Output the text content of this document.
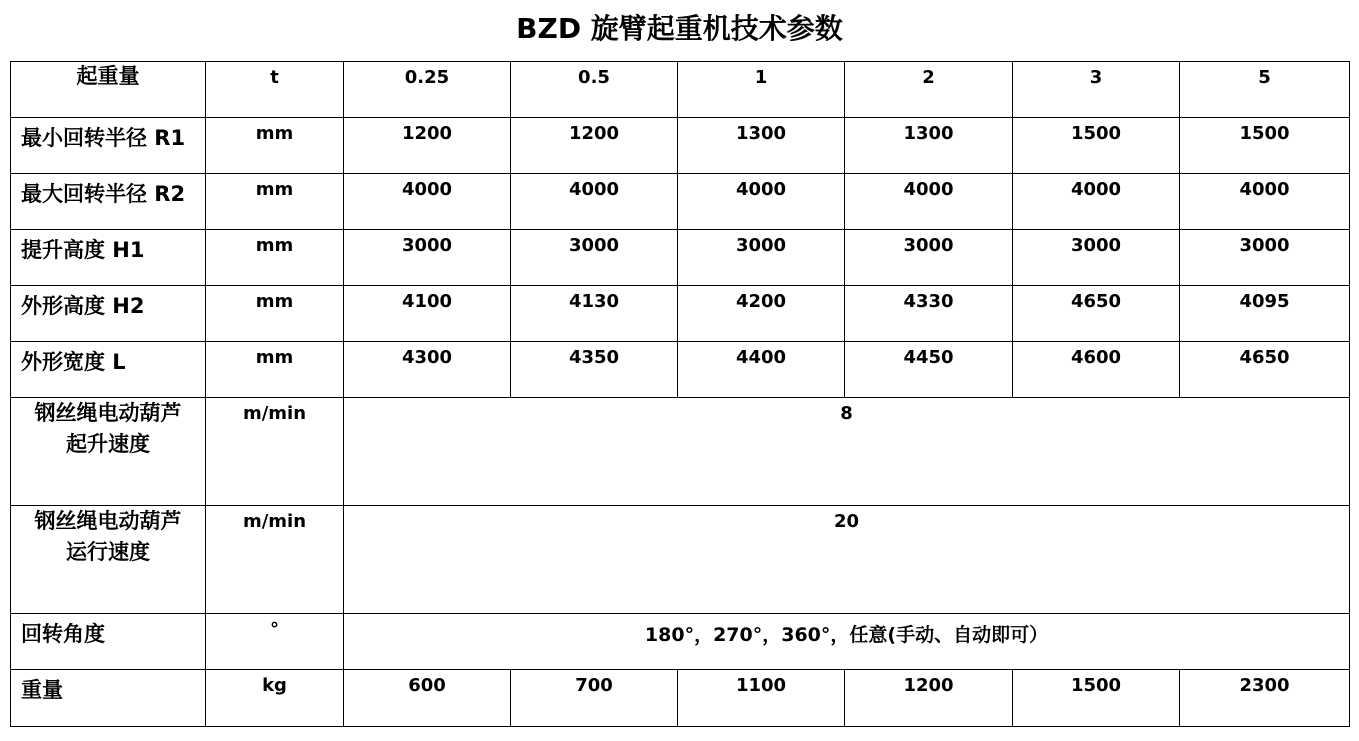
BZD 旋臂起重机技术参数
起重量	t	0.25	0.5	1	2	3	5
最小回转半径 R1	mm	1200	1200	1300	1300	1500	1500
最大回转半径 R2	mm	4000	4000	4000	4000	4000	4000
提升高度 H1	mm	3000	3000	3000	3000	3000	3000
外形高度 H2	mm	4100	4130	4200	4330	4650	4095
外形宽度 L	mm	4300	4350	4400	4450	4600	4650

钢丝绳电动葫芦
起升速度	m/min	8					

钢丝绳电动葫芦
运行速度	m/min	20					
回转角度	°	180°，270°，360°，任意(手动、自动即可）					
重量	kg	600	700	1100	1200	1500	2300
